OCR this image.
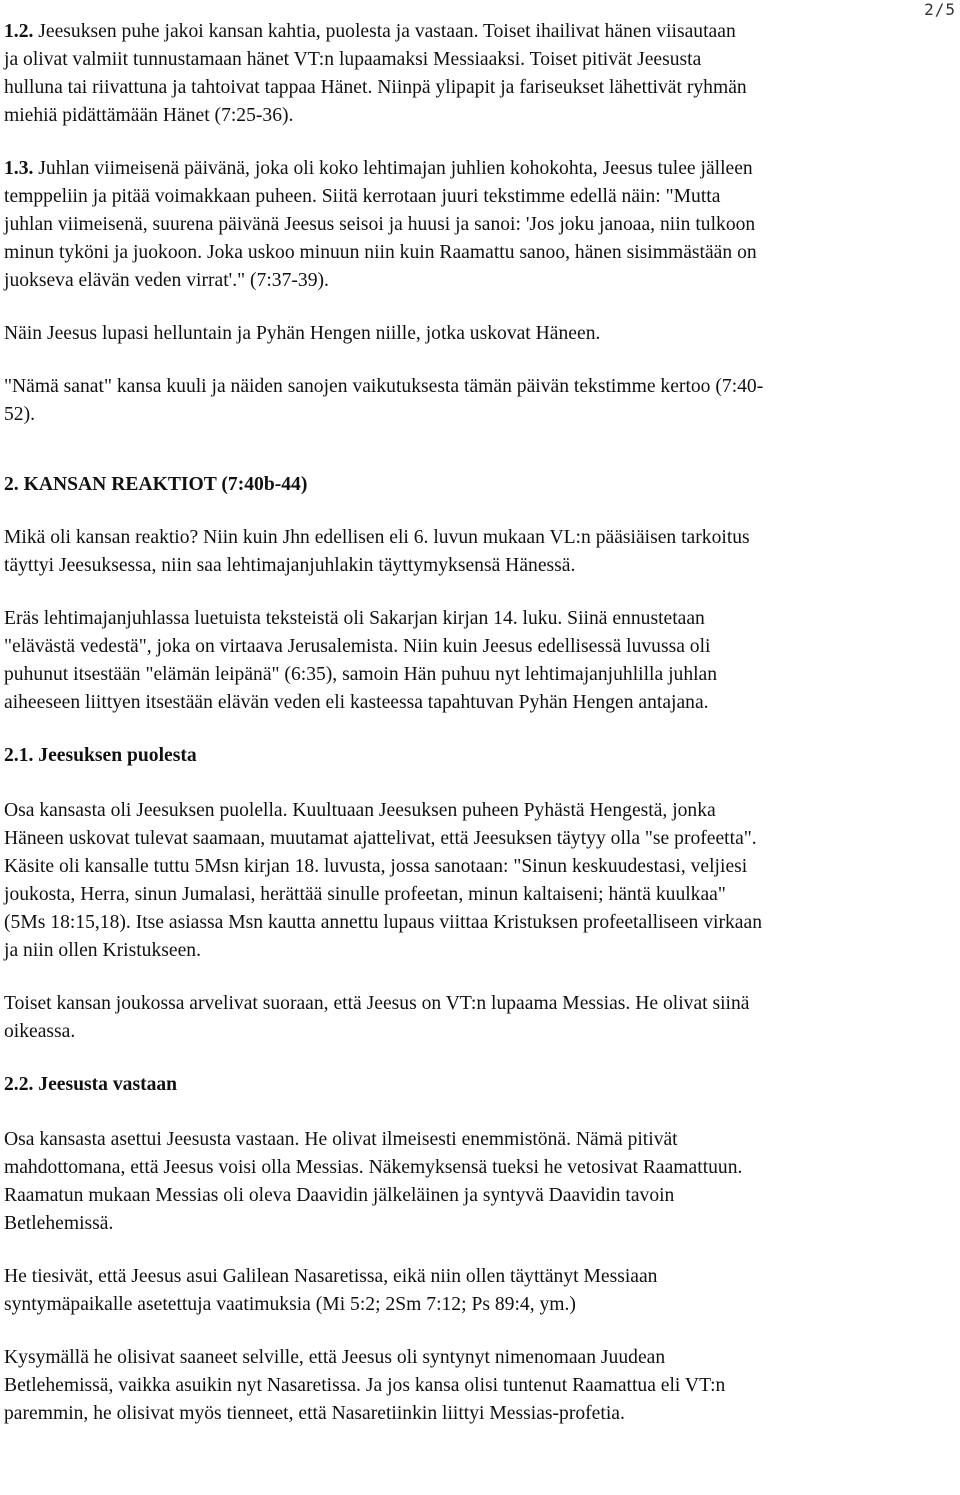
2/5

1.2. Jeesuksen puhe jakoi kansan kahtia, puolesta ja vastaan. Toiset ihailivat hänen viisautaan
ja olivat valmiit tunnustamaan hänet VT:n lupaamaksi Messiaaksi. Toiset pitivät Jeesusta
hulluna tai riivattuna ja tahtoivat tappaa Hänet. Niinpä ylipapit ja fariseukset lähettivät ryhmän
miehiä pidättämään Hänet (7:25-36).

1.3. Juhlan viimeisenä päivänä, joka oli koko lehtimajan juhlien kohokohta, Jeesus tulee jälleen
temppeliin ja pitää voimakkaan puheen. Siitä kerrotaan juuri tekstimme edellä näin: "Mutta
juhlan viimeisenä, suurena päivänä Jeesus seisoi ja huusi ja sanoi: 'Jos joku janoaa, niin tulkoon
minun tyköni ja juokoon. Joka uskoo minuun niin kuin Raamattu sanoo, hänen sisimmästään on
juokseva elävän veden virrat'." (7:37-39).

Näin Jeesus lupasi helluntain ja Pyhän Hengen niille, jotka uskovat Häneen.

"Nämä sanat" kansa kuuli ja näiden sanojen vaikutuksesta tämän päivän tekstimme kertoo (7:40-
52).

2. KANSAN REAKTIOT (7:40b-44)

Mikä oli kansan reaktio? Niin kuin Jhn edellisen eli 6. luvun mukaan VL:n pääsiäisen tarkoitus
täyttyi Jeesuksessa, niin saa lehtimajanjuhlakin täyttymyksensä Hänessä.

Eräs lehtimajanjuhlassa luetuista teksteistä oli Sakarjan kirjan 14. luku. Siinä ennustetaan
"elävästä vedestä", joka on virtaava Jerusalemista. Niin kuin Jeesus edellisessä luvussa oli
puhunut itsestään "elämän leipänä" (6:35), samoin Hän puhuu nyt lehtimajanjuhlilla juhlan
aiheeseen liittyen itsestään elävän veden eli kasteessa tapahtuvan Pyhän Hengen antajana.

2.1. Jeesuksen puolesta

Osa kansasta oli Jeesuksen puolella. Kuultuaan Jeesuksen puheen Pyhästä Hengestä, jonka
Häneen uskovat tulevat saamaan, muutamat ajattelivat, että Jeesuksen täytyy olla "se profeetta".
Käsite oli kansalle tuttu 5Msn kirjan 18. luvusta, jossa sanotaan: "Sinun keskuudestasi, veljiesi
joukosta, Herra, sinun Jumalasi, herättää sinulle profeetan, minun kaltaiseni; häntä kuulkaa"
(5Ms 18:15,18). Itse asiassa Msn kautta annettu lupaus viittaa Kristuksen profeetalliseen virkaan
ja niin ollen Kristukseen.

Toiset kansan joukossa arvelivat suoraan, että Jeesus on VT:n lupaama Messias. He olivat siinä
oikeassa.

2.2. Jeesusta vastaan

Osa kansasta asettui Jeesusta vastaan. He olivat ilmeisesti enemmistönä. Nämä pitivät
mahdottomana, että Jeesus voisi olla Messias. Näkemyksensä tueksi he vetosivat Raamattuun.
Raamatun mukaan Messias oli oleva Daavidin jälkeläinen ja syntyvä Daavidin tavoin
Betlehemissä.

He tiesivät, että Jeesus asui Galilean Nasaretissa, eikä niin ollen täyttänyt Messiaan
syntymäpaikalle asetettuja vaatimuksia (Mi 5:2; 2Sm 7:12; Ps 89:4, ym.)

Kysymällä he olisivat saaneet selville, että Jeesus oli syntynyt nimenomaan Juudean
Betlehemissä, vaikka asuikin nyt Nasaretissa. Ja jos kansa olisi tuntenut Raamattua eli VT:n
paremmin, he olisivat myös tienneet, että Nasaretiinkin liittyi Messias-profetia.
